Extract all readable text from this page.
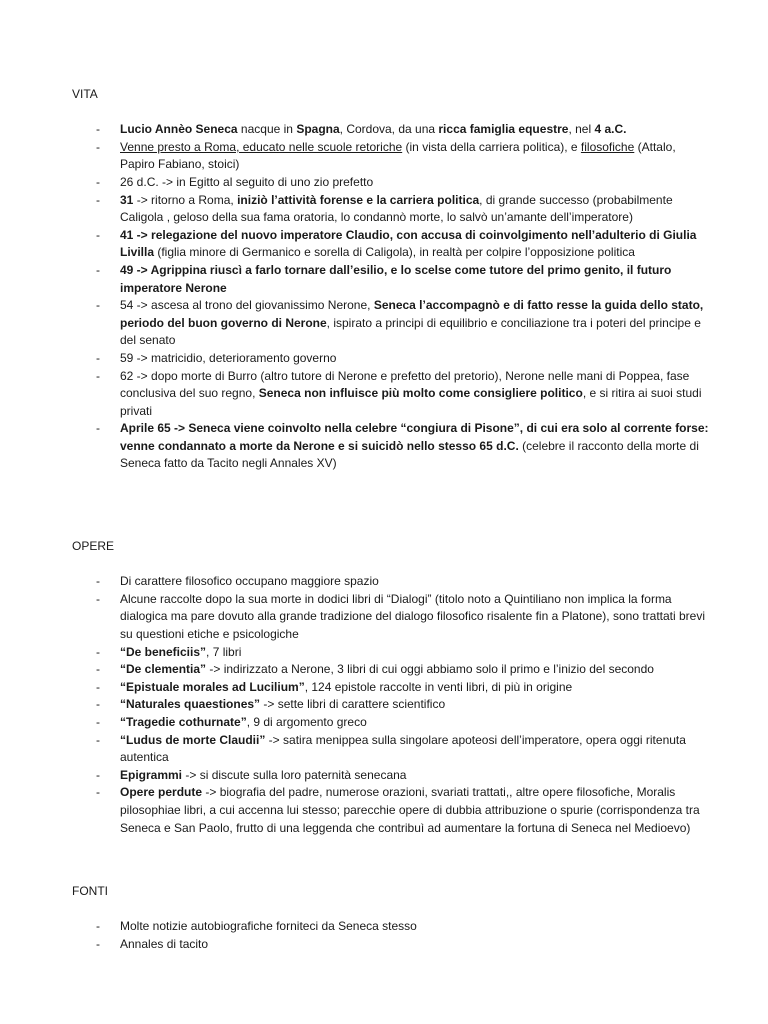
VITA
-	Lucio Annèo Seneca nacque in Spagna, Cordova, da una ricca famiglia equestre, nel 4 a.C.
-	Venne presto a Roma, educato nelle scuole retoriche (in vista della carriera politica), e filosofiche (Attalo, Papiro Fabiano, stoici)
-	26 d.C. -> in Egitto al seguito di uno zio prefetto
-	31 -> ritorno a Roma, iniziò l’attività forense e la carriera politica, di grande successo (probabilmente Caligola , geloso della sua fama oratoria, lo condannò morte, lo salvò un’amante dell’imperatore)
-	41 -> relegazione del nuovo imperatore Claudio, con accusa di coinvolgimento nell’adulterio di Giulia Livilla (figlia minore di Germanico e sorella di Caligola), in realtà per colpire l’opposizione politica
-	49 -> Agrippina riuscì a farlo tornare dall’esilio, e lo scelse come tutore del primo genito, il futuro imperatore Nerone
-	54 -> ascesa al trono del giovanissimo Nerone, Seneca l’accompagnò e di fatto resse la guida dello stato, periodo del buon governo di Nerone, ispirato a principi di equilibrio e conciliazione tra i poteri del principe e del senato
-	59 -> matricidio, deterioramento governo
-	62 -> dopo morte di Burro (altro tutore di Nerone e prefetto del pretorio), Nerone nelle mani di Poppea, fase conclusiva del suo regno, Seneca non influisce più molto come consigliere politico, e si ritira ai suoi studi privati
-	Aprile 65 -> Seneca viene coinvolto nella celebre “congiura di Pisone”, di cui era solo al corrente forse: venne condannato a morte da Nerone e si suicidò nello stesso 65 d.C. (celebre il racconto della morte di Seneca fatto da Tacito negli Annales XV)
OPERE
-	Di carattere filosofico occupano maggiore spazio
-	Alcune raccolte dopo la sua morte in dodici libri di “Dialogi” (titolo noto a Quintiliano non implica la forma dialogica ma pare dovuto alla grande tradizione del dialogo filosofico risalente fin a Platone), sono trattati brevi su questioni etiche e psicologiche
-	“De beneficiis”, 7 libri
-	“De clementia” -> indirizzato a Nerone, 3 libri di cui oggi abbiamo solo il primo e l’inizio del secondo
-	“Epistuale morales ad Lucilium”, 124 epistole raccolte in venti libri, di più in origine
-	“Naturales quaestiones” -> sette libri di carattere scientifico
-	“Tragedie cothurnate”, 9 di argomento greco
-	“Ludus de morte Claudii” -> satira menippea sulla singolare apoteosi dell’imperatore, opera oggi ritenuta autentica
-	Epigrammi -> si discute sulla loro paternità senecana
-	Opere perdute -> biografia del padre, numerose orazioni, svariati trattati,, altre opere filosofiche, Moralis pilosophiae libri, a cui accenna lui stesso; parecchie opere di dubbia attribuzione o spurie (corrispondenza tra Seneca e San Paolo, frutto di una leggenda che contribuì ad aumentare la fortuna di Seneca nel Medioevo)
FONTI
-	Molte notizie autobiografiche forniteci da Seneca stesso
-	Annales di tacito
